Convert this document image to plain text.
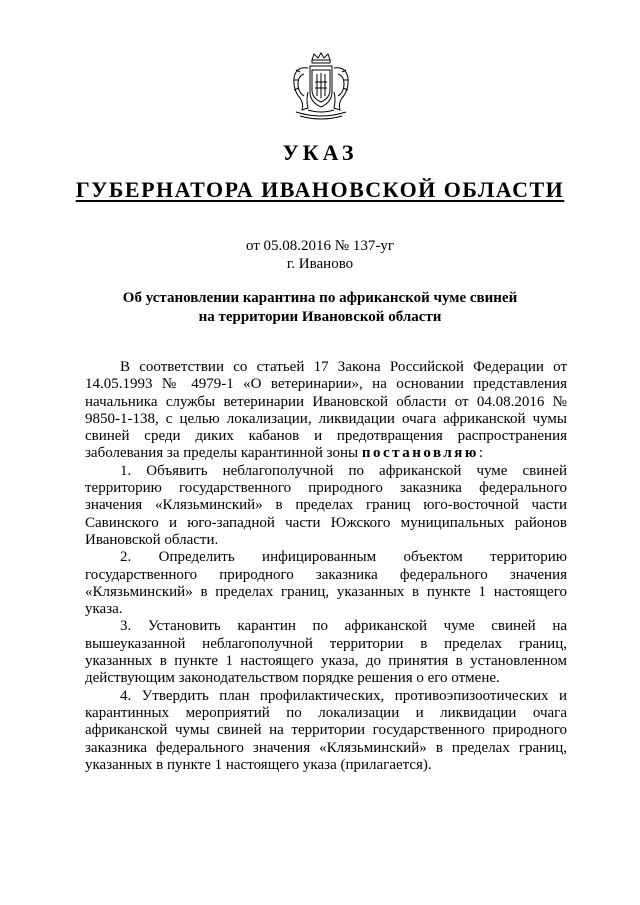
УКАЗ
ГУБЕРНАТОРА ИВАНОВСКОЙ ОБЛАСТИ
от 05.08.2016 № 137-уг
г. Иваново
Об установлении карантина по африканской чуме свиней
на территории Ивановской области

В соответствии со статьей 17 Закона Российской Федерации от 14.05.1993 № 4979-1 «О ветеринарии», на основании представления начальника службы ветеринарии Ивановской области от 04.08.2016 № 9850-1-138, с целью локализации, ликвидации очага африканской чумы свиней среди диких кабанов и предотвращения распространения заболевания за пределы карантинной зоны постановляю:

1. Объявить неблагополучной по африканской чуме свиней территорию государственного природного заказника федерального значения «Клязьминский» в пределах границ юго-восточной части Савинского и юго-западной части Южского муниципальных районов Ивановской области.

2. Определить инфицированным объектом территорию государственного природного заказника федерального значения «Клязьминский» в пределах границ, указанных в пункте 1 настоящего указа.

3. Установить карантин по африканской чуме свиней на вышеуказанной неблагополучной территории в пределах границ, указанных в пункте 1 настоящего указа, до принятия в установленном действующим законодательством порядке решения о его отмене.

4. Утвердить план профилактических, противоэпизоотических и карантинных мероприятий по локализации и ликвидации очага африканской чумы свиней на территории государственного природного заказника федерального значения «Клязьминский» в пределах границ, указанных в пункте 1 настоящего указа (прилагается).
